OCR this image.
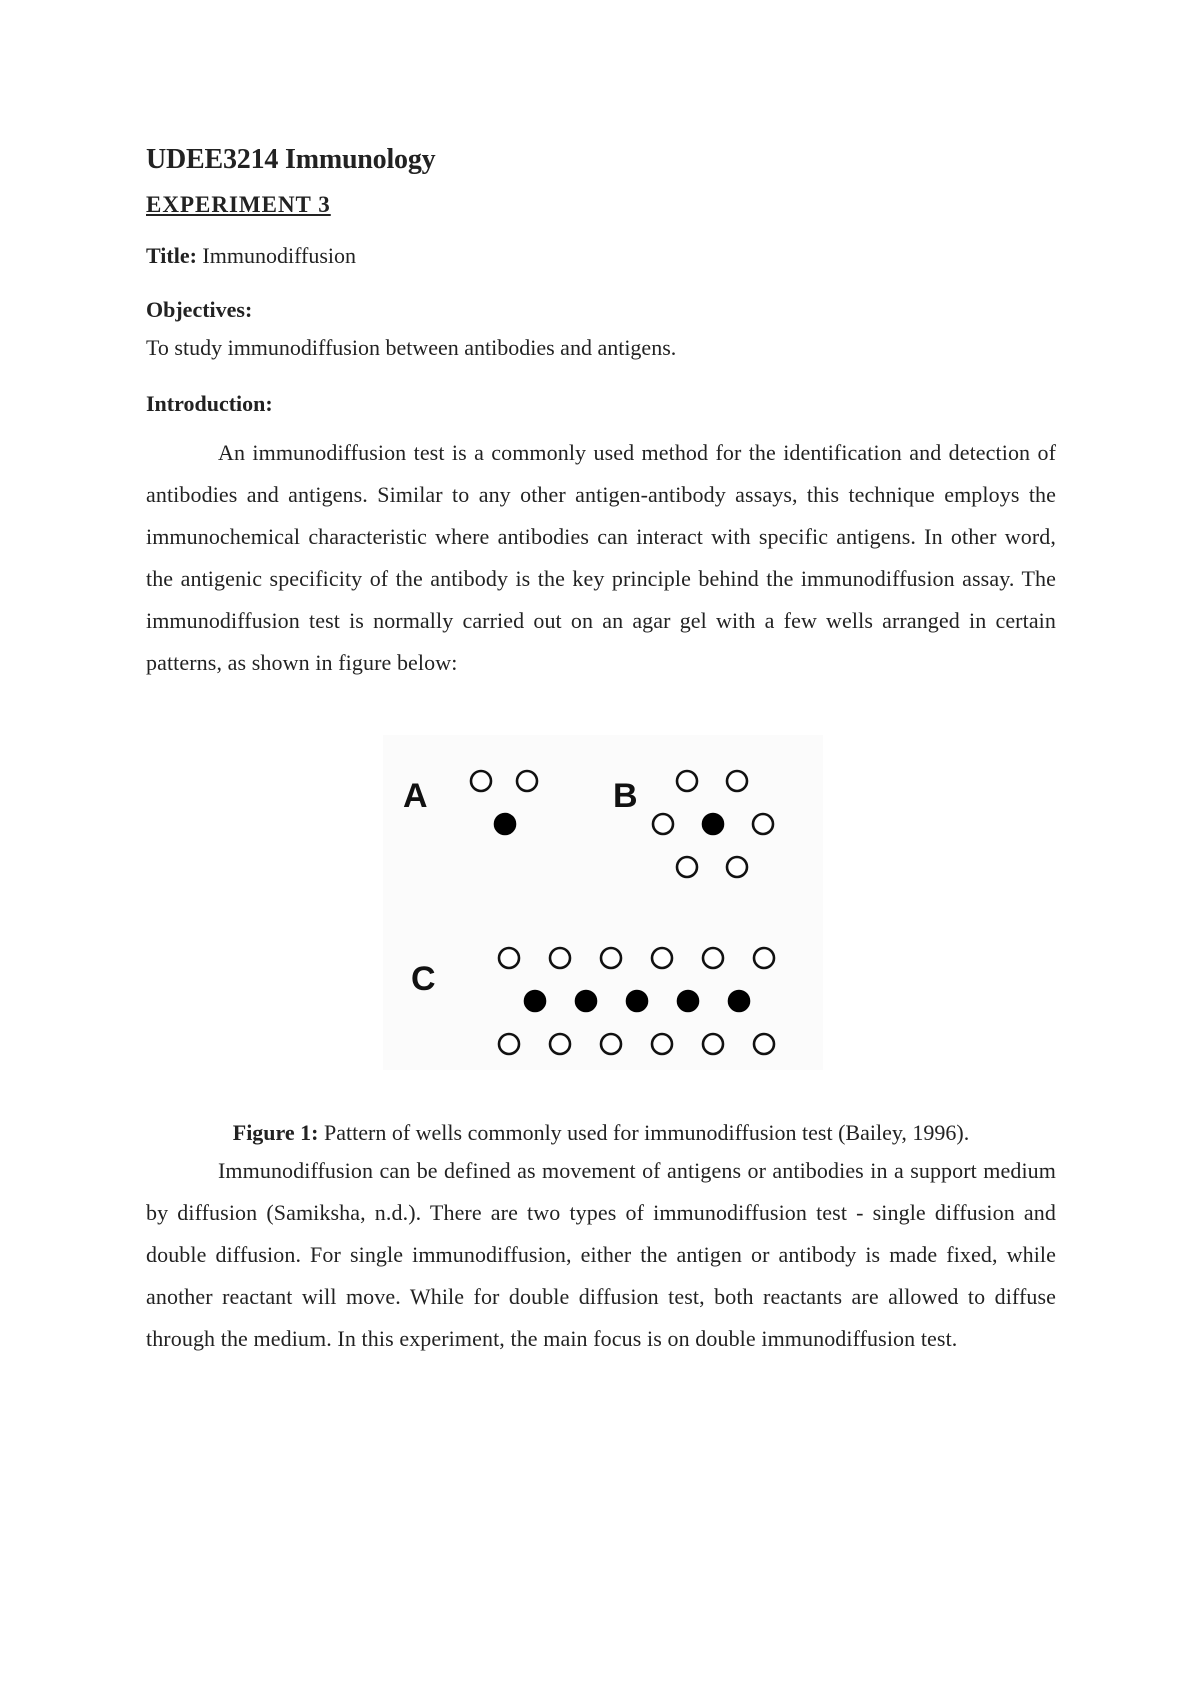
UDEE3214 Immunology

EXPERIMENT 3

Title: Immunodiffusion

Objectives:

To study immunodiffusion between antibodies and antigens.

Introduction:

An immunodiffusion test is a commonly used method for the identification and detection of antibodies and antigens. Similar to any other antigen-antibody assays, this technique employs the immunochemical characteristic where antibodies can interact with specific antigens. In other word, the antigenic specificity of the antibody is the key principle behind the immunodiffusion assay. The immunodiffusion test is normally carried out on an agar gel with a few wells arranged in certain patterns, as shown in figure below:

A	B
C

Figure 1: Pattern of wells commonly used for immunodiffusion test (Bailey, 1996).

Immunodiffusion can be defined as movement of antigens or antibodies in a support medium by diffusion (Samiksha, n.d.). There are two types of immunodiffusion test - single diffusion and double diffusion. For single immunodiffusion, either the antigen or antibody is made fixed, while another reactant will move. While for double diffusion test, both reactants are allowed to diffuse through the medium. In this experiment, the main focus is on double immunodiffusion test.
